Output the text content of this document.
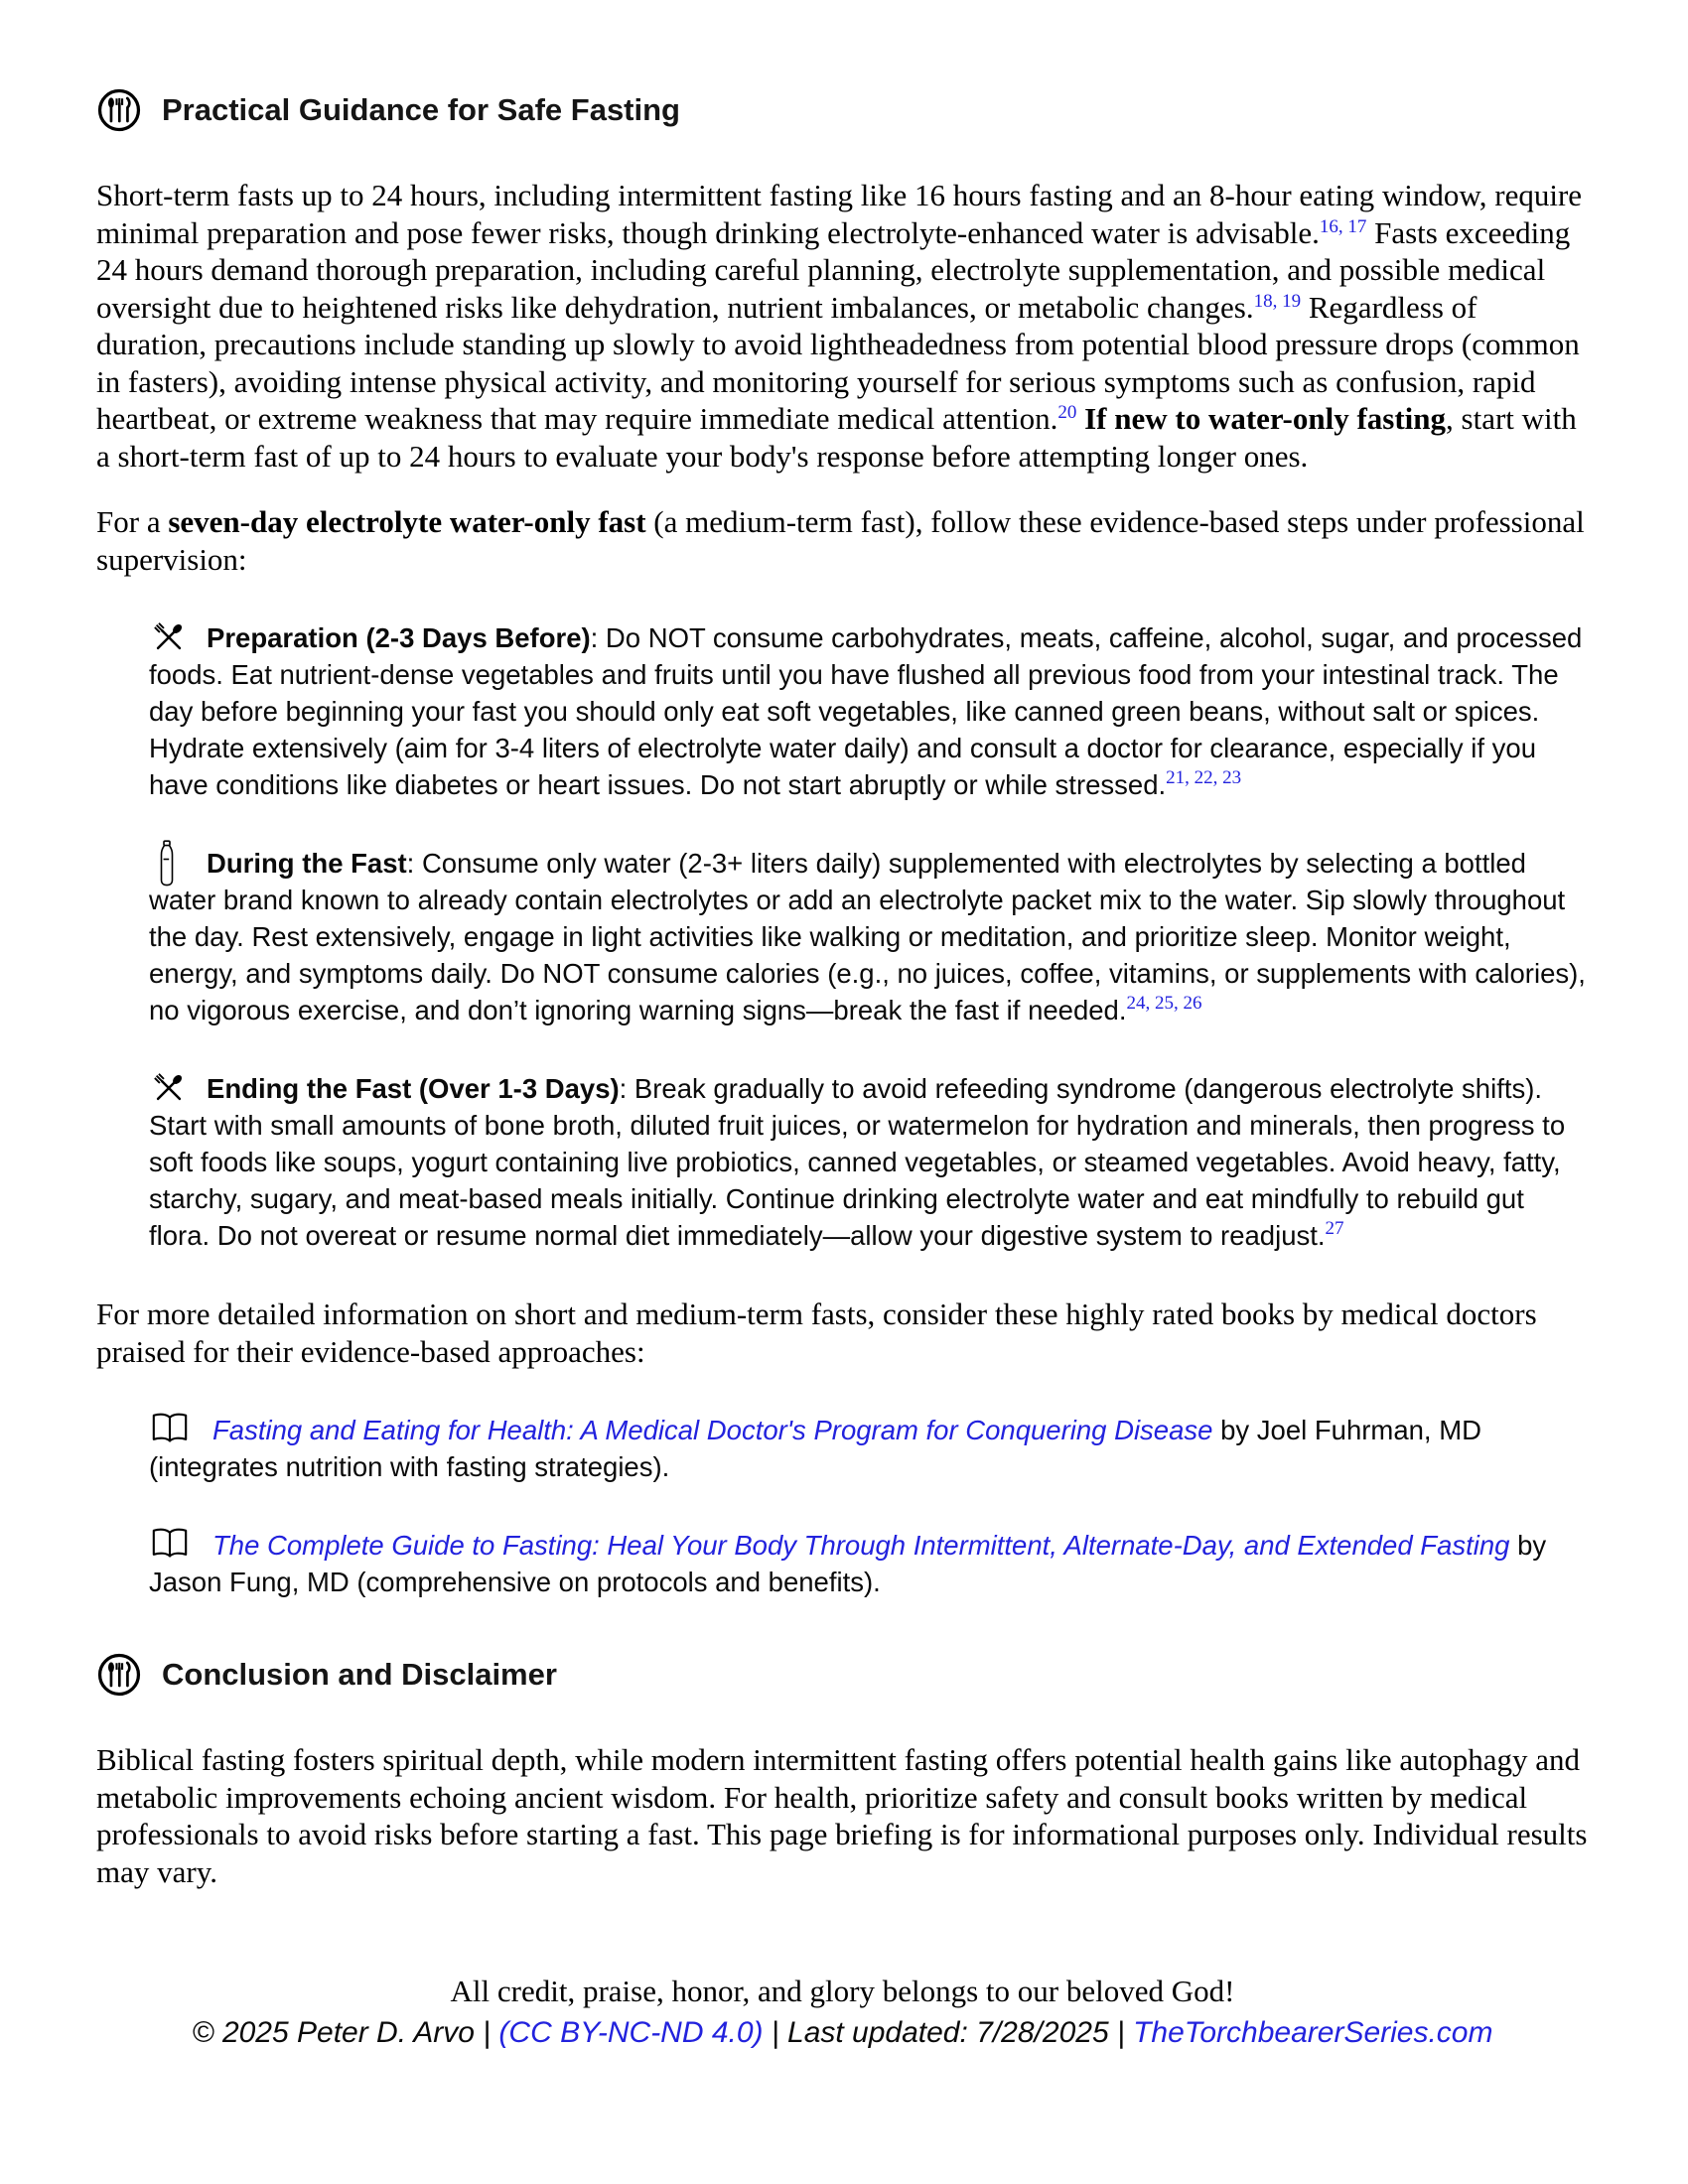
Practical Guidance for Safe Fasting

Short-term fasts up to 24 hours, including intermittent fasting like 16 hours fasting and an 8-hour eating window, require minimal preparation and pose fewer risks, though drinking electrolyte-enhanced water is advisable.$^{16, 17}$ Fasts exceeding 24 hours demand thorough preparation, including careful planning, electrolyte supplementation, and possible medical oversight due to heightened risks like dehydration, nutrient imbalances, or metabolic changes.$^{18, 19}$ Regardless of duration, precautions include standing up slowly to avoid lightheadedness from potential blood pressure drops (common in fasters), avoiding intense physical activity, and monitoring yourself for serious symptoms such as confusion, rapid heartbeat, or extreme weakness that may require immediate medical attention.$^{20}$ If new to water-only fasting, start with a short-term fast of up to 24 hours to evaluate your body's response before attempting longer ones.

For a seven-day electrolyte water-only fast (a medium-term fast), follow these evidence-based steps under professional supervision:

Preparation (2-3 Days Before): Do NOT consume carbohydrates, meats, caffeine, alcohol, sugar, and processed foods. Eat nutrient-dense vegetables and fruits until you have flushed all previous food from your intestinal track. The day before beginning your fast you should only eat soft vegetables, like canned green beans, without salt or spices. Hydrate extensively (aim for 3-4 liters of electrolyte water daily) and consult a doctor for clearance, especially if you have conditions like diabetes or heart issues. Do not start abruptly or while stressed.$^{21, 22, 23}$
During the Fast: Consume only water (2-3+ liters daily) supplemented with electrolytes by selecting a bottled water brand known to already contain electrolytes or add an electrolyte packet mix to the water. Sip slowly throughout the day. Rest extensively, engage in light activities like walking or meditation, and prioritize sleep. Monitor weight, energy, and symptoms daily. Do NOT consume calories (e.g., no juices, coffee, vitamins, or supplements with calories), no vigorous exercise, and don’t ignoring warning signs—break the fast if needed.$^{24, 25, 26}$
Ending the Fast (Over 1-3 Days): Break gradually to avoid refeeding syndrome (dangerous electrolyte shifts). Start with small amounts of bone broth, diluted fruit juices, or watermelon for hydration and minerals, then progress to soft foods like soups, yogurt containing live probiotics, canned vegetables, or steamed vegetables. Avoid heavy, fatty, starchy, sugary, and meat-based meals initially. Continue drinking electrolyte water and eat mindfully to rebuild gut flora. Do not overeat or resume normal diet immediately—allow your digestive system to readjust.$^{27}$

For more detailed information on short and medium-term fasts, consider these highly rated books by medical doctors praised for their evidence-based approaches:

Fasting and Eating for Health: A Medical Doctor's Program for Conquering Disease by Joel Fuhrman, MD (integrates nutrition with fasting strategies).
The Complete Guide to Fasting: Heal Your Body Through Intermittent, Alternate-Day, and Extended Fasting by Jason Fung, MD (comprehensive on protocols and benefits).
Conclusion and Disclaimer

Biblical fasting fosters spiritual depth, while modern intermittent fasting offers potential health gains like autophagy and metabolic improvements echoing ancient wisdom. For health, prioritize safety and consult books written by medical professionals to avoid risks before starting a fast. This page briefing is for informational purposes only. Individual results may vary.

All credit, praise, honor, and glory belongs to our beloved God!

© 2025 Peter D. Arvo | (CC BY-NC-ND 4.0) | Last updated: 7/28/2025 | TheTorchbearerSeries.com
